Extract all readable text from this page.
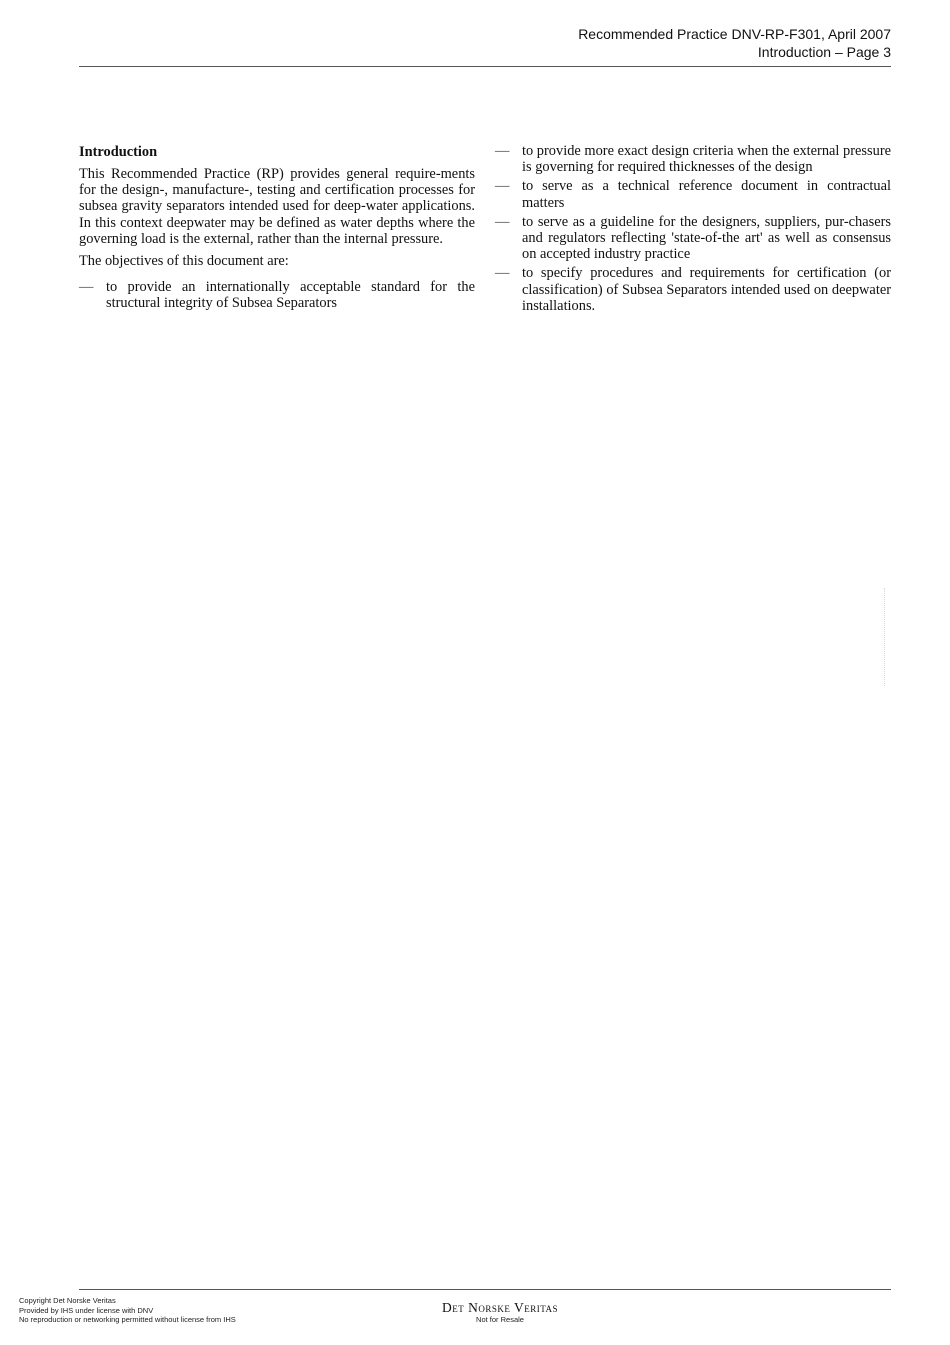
Recommended Practice DNV-RP-F301, April 2007
Introduction – Page 3
Introduction

This Recommended Practice (RP) provides general require-ments for the design-, manufacture-, testing and certification processes for subsea gravity separators intended used for deep-water applications. In this context deepwater may be defined as water depths where the governing load is the external, rather than the internal pressure.

The objectives of this document are:

— to provide an internationally acceptable standard for the structural integrity of Subsea Separators
— to provide more exact design criteria when the external pressure is governing for required thicknesses of the design
— to serve as a technical reference document in contractual matters
— to serve as a guideline for the designers, suppliers, pur-chasers and regulators reflecting 'state-of-the art' as well as consensus on accepted industry practice
— to specify procedures and requirements for certification (or classification) of Subsea Separators intended used on deepwater installations.
Copyright Det Norske Veritas
Provided by IHS under license with DNV
No reproduction or networking permitted without license from IHS
Det Norske Veritas
Not for Resale
